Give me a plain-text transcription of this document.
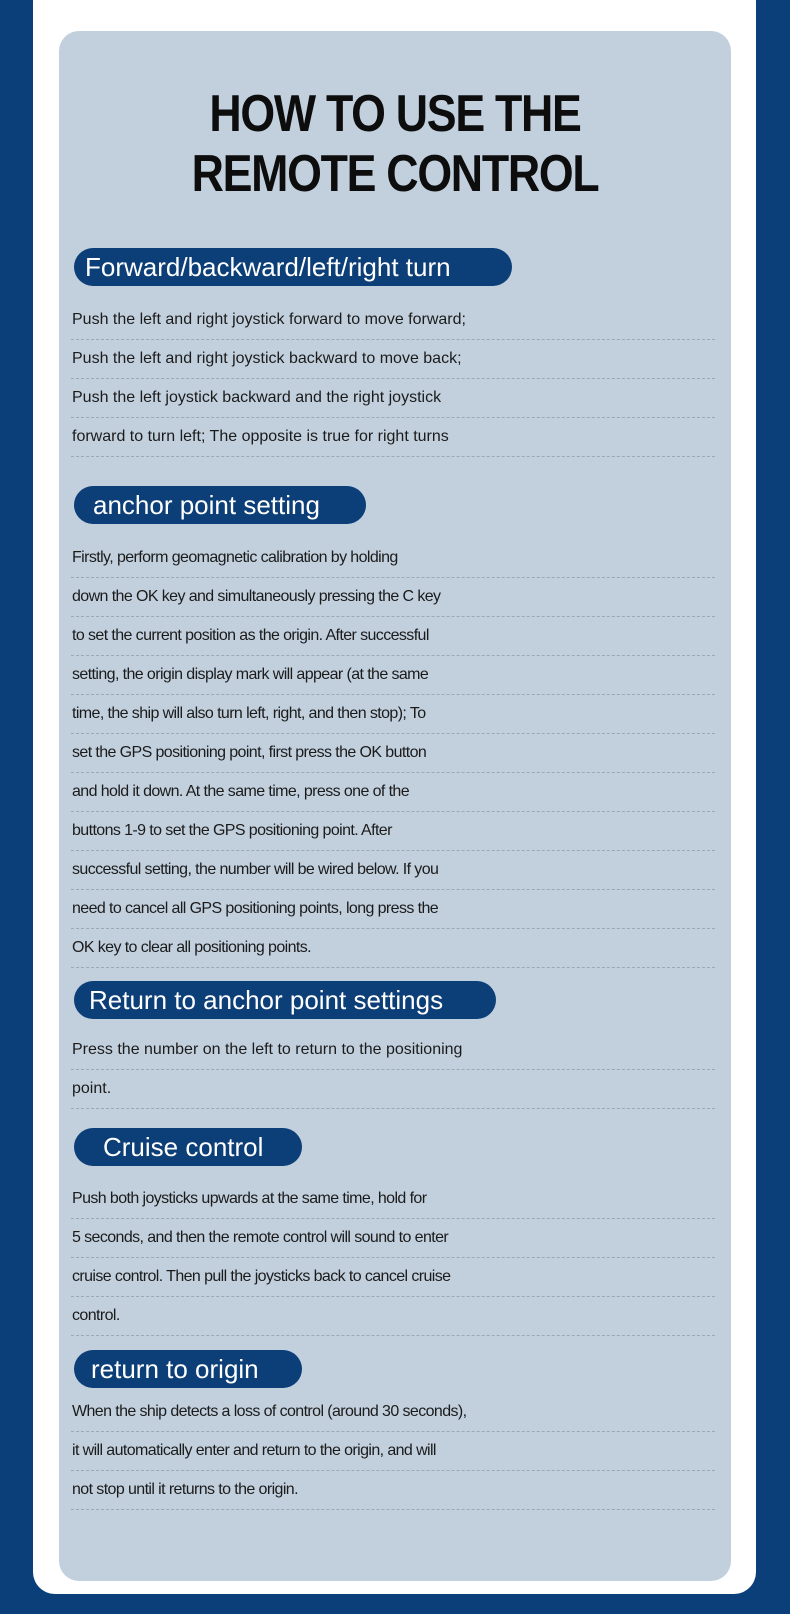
HOW TO USE THE
REMOTE CONTROL
Forward/backward/left/right turn
Push the left and right joystick forward to move forward;
Push the left and right joystick backward to move back;
Push the left joystick backward and the right joystick
forward to turn left; The opposite is true for right turns
anchor point setting
Firstly, perform geomagnetic calibration by holding
down the OK key and simultaneously pressing the C key
to set the current position as the origin. After successful
setting, the origin display mark will appear (at the same
time, the ship will also turn left, right, and then stop); To
set the GPS positioning point, first press the OK button
and hold it down. At the same time, press one of the
buttons 1-9 to set the GPS positioning point. After
successful setting, the number will be wired below. If you
need to cancel all GPS positioning points, long press the
OK key to clear all positioning points.
Return to anchor point settings
Press the number on the left to return to the positioning
point.
Cruise control
Push both joysticks upwards at the same time, hold for
5 seconds, and then the remote control will sound to enter
cruise control. Then pull the joysticks back to cancel cruise
control.
return to origin
When the ship detects a loss of control (around 30 seconds),
it will automatically enter and return to the origin, and will
not stop until it returns to the origin.
